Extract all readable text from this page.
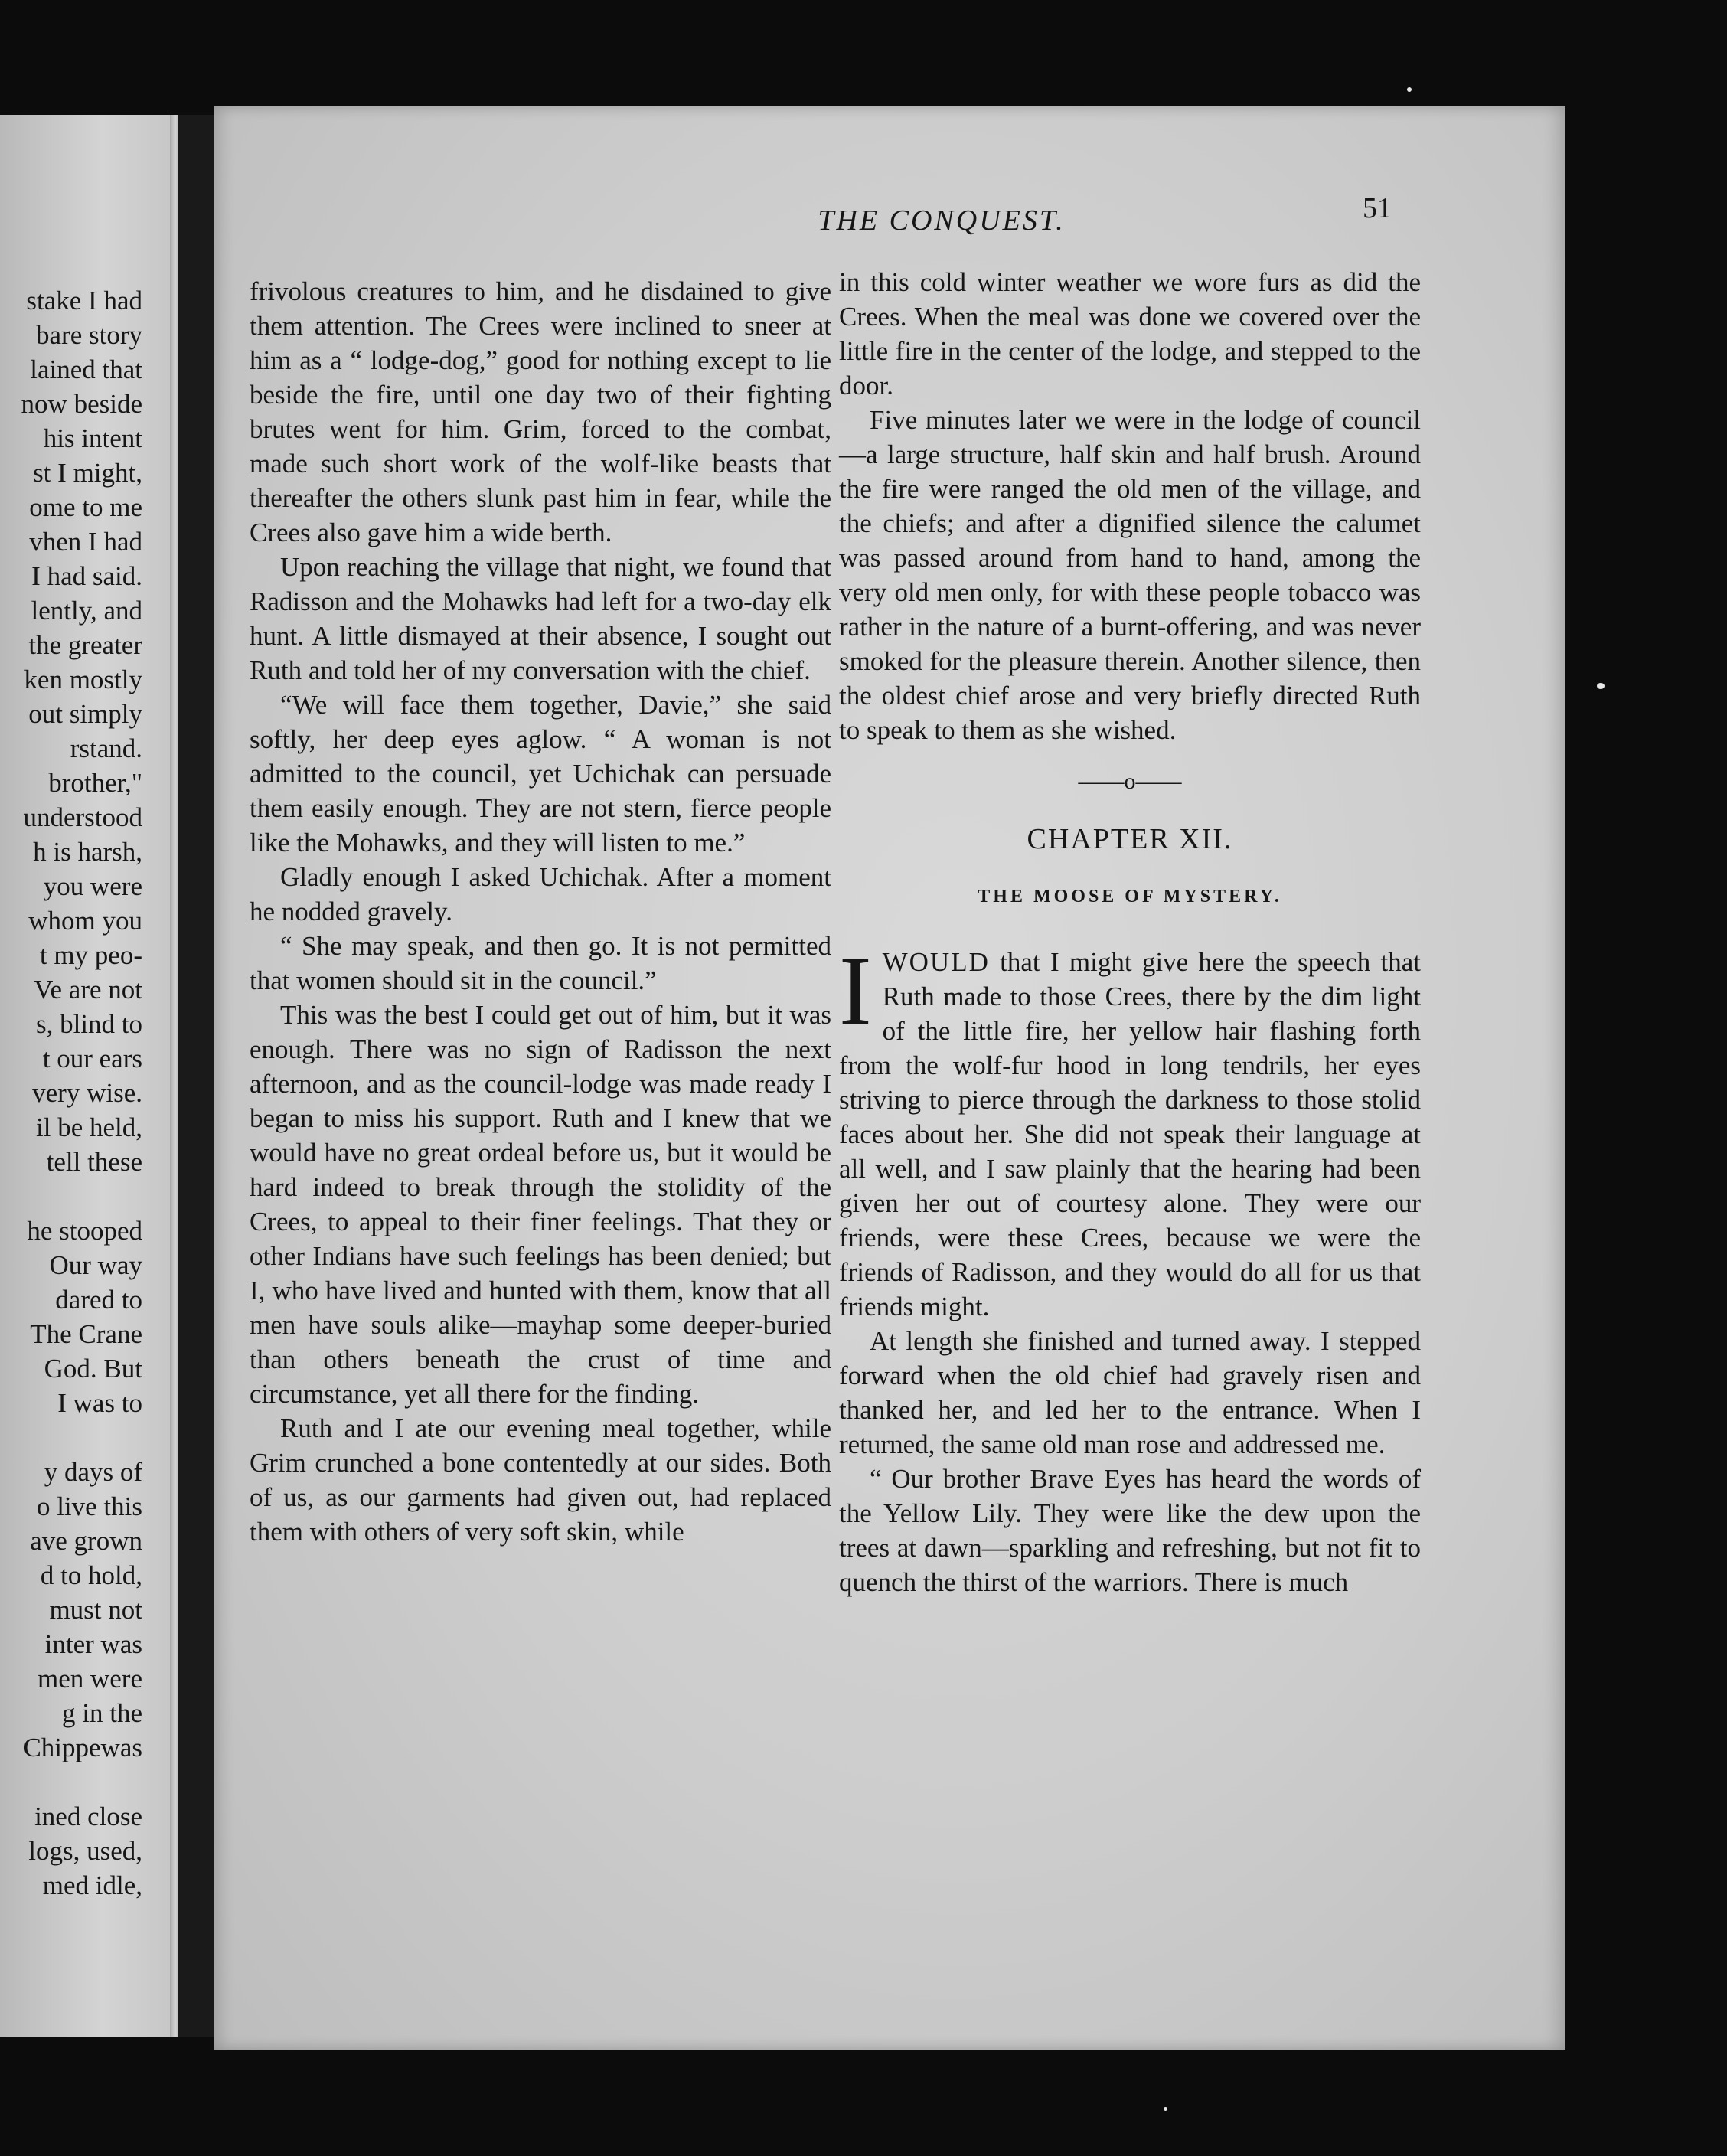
stake I had
bare story
lained that
now beside
his intent
st I might,
ome to me
vhen I had
I had said.
lently, and
the greater
ken mostly
out simply
rstand.
brother,"
understood
h is harsh,
you were
whom you
t my peo-
Ve are not
s, blind to
t our ears
very wise.
il be held,
tell these
he stooped
Our way
dared to
The Crane
God. But
I was to
y days of
o live this
ave grown
d to hold,
must not
inter was
men were
g in the
Chippewas
ined close
logs, used,
med idle,
THE CONQUEST.	51

frivolous creatures to him, and he disdained to give them attention. The Crees were inclined to sneer at him as a “ lodge-dog,” good for nothing except to lie beside the fire, until one day two of their fighting brutes went for him. Grim, forced to the combat, made such short work of the wolf-like beasts that thereafter the others slunk past him in fear, while the Crees also gave him a wide berth.

Upon reaching the village that night, we found that Radisson and the Mohawks had left for a two-day elk hunt. A little dismayed at their absence, I sought out Ruth and told her of my conversation with the chief.

“We will face them together, Davie,” she said softly, her deep eyes aglow. “ A woman is not admitted to the council, yet Uchichak can persuade them easily enough. They are not stern, fierce people like the Mohawks, and they will listen to me.”

Gladly enough I asked Uchichak. After a moment he nodded gravely.

“ She may speak, and then go. It is not permitted that women should sit in the council.”

This was the best I could get out of him, but it was enough. There was no sign of Radisson the next afternoon, and as the council-lodge was made ready I began to miss his support. Ruth and I knew that we would have no great ordeal before us, but it would be hard indeed to break through the stolidity of the Crees, to appeal to their finer feelings. That they or other Indians have such feelings has been denied; but I, who have lived and hunted with them, know that all men have souls alike—mayhap some deeper-buried than others beneath the crust of time and circumstance, yet all there for the finding.

Ruth and I ate our evening meal together, while Grim crunched a bone contentedly at our sides. Both of us, as our garments had given out, had replaced them with others of very soft skin, while

in this cold winter weather we wore furs as did the Crees. When the meal was done we covered over the little fire in the center of the lodge, and stepped to the door.

Five minutes later we were in the lodge of council—a large structure, half skin and half brush. Around the fire were ranged the old men of the village, and the chiefs; and after a dignified silence the calumet was passed around from hand to hand, among the very old men only, for with these people tobacco was rather in the nature of a burnt-offering, and was never smoked for the pleasure therein. Another silence, then the oldest chief arose and very briefly directed Ruth to speak to them as she wished.

——o——
CHAPTER XII.
THE MOOSE OF MYSTERY.

IWOULD that I might give here the speech that Ruth made to those Crees, there by the dim light of the little fire, her yellow hair flashing forth from the wolf-fur hood in long tendrils, her eyes striving to pierce through the darkness to those stolid faces about her. She did not speak their language at all well, and I saw plainly that the hearing had been given her out of courtesy alone. They were our friends, were these Crees, because we were the friends of Radisson, and they would do all for us that friends might.

At length she finished and turned away. I stepped forward when the old chief had gravely risen and thanked her, and led her to the entrance. When I returned, the same old man rose and addressed me.

“ Our brother Brave Eyes has heard the words of the Yellow Lily. They were like the dew upon the trees at dawn—sparkling and refreshing, but not fit to quench the thirst of the warriors. There is much
